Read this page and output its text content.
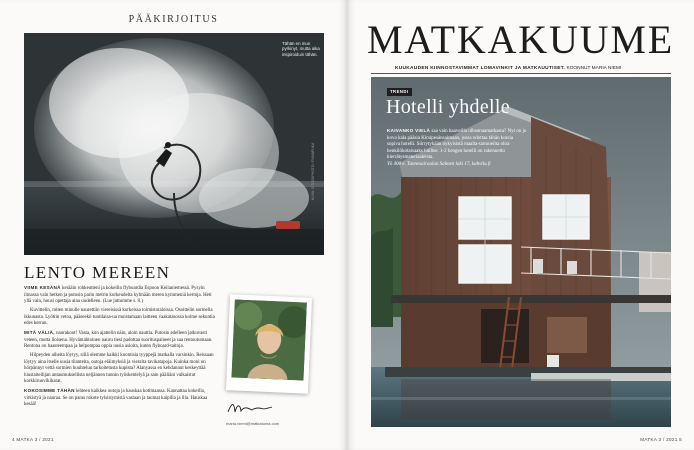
PÄÄKIRJOITUS
Tähän en mun pyrkinyt, mutta aika inspiroiduin tähän.
KUVA: ISTOCKPHOTO / PUMAPUKA
LENTO MEREEN

VIIME KESÄNÄ kerääin rohkeutteni ja kokeilin flyboardia Espoon Keilaniemessä. Pysyin ilmassa vain hetken ja putosin parin metrin korkeudelta kylmään meren kymmeniä kertoja. Heti yllä vain, huusi opettaja aina uudelleen. (Lue juttumme s. 8.)

Kuvittelin, miten minulle naurettiin viereisissä korkeissa toimistotaloissa. Osoittelin sormella ikkunasta. Lyötiin vetoa, pääseekö tuntilaisa-ua muistamaan laitteen vaakatasossa kolme sekuntia edes kerran.

MITÄ VÄLIÄ, naurakoot! Vasta, kun ajattelin näin, aloin nauttia. Putosin edelleen jatkuvasti veteen, mutta iloisena. Hyväntahtoinen nauru tiesi padottaa suorituspaineet ja saa rentoutumaan. Rentona on haasteempaa ja helpompaa oppia uusia asioita, kuten flyboard-taitoja.

Hilpeyden aiheita löytyy, sillä olemme kaikki koomisia tyyppejä matkalla varsinkin. Reissaan löytyy aina itselle uusia tilanteita, outoja eläimyksiä ja vieraita tavikatapoja. Kuinka moni on hörpännyt vettä sormien huuhtelun tarkoitetusta kupista? Alanyassa en kehdannut keskeyttää hiustaiteilijan antaumuksellista neljännen tunnin työskentelyä ja sain pääliäni valkaistut korkkiruuvikiharat.

KOKOSIMME TÄHÄN lehteen kaikkea outoja ja hauskaa kotimaassa. Kannattaa kokeilla, virkistyä ja nauraa. Se on paras rokote tylsistymistä vastaan ja taumat kaipilla ja illa. Hauskaa kesää!

maria.niemi@matkatuma.com
4 MATKA 3 / 2021
MATKAKUUME
KUUKAUDEN KIINNOSTAVIMMAT LOMAVINKIT JA MATKAUUTISET. KOONNUT MARIA NIEMI
TRENDI
Hotelli yhdelle
KAIVANKO VIELÄ saa vain haaveilla ullosmaamatkasta? Nyt on jo kova kala pääsia Kirsipesänsaimaan, jossa odottaa tähän korsia sopiva hotelli. Siirrytykään nykyisistä maalta-tartoneilta ohra henkilökotaisaaks huiltse. 1-2 hengen hotelli on rakennettu kierrätysmateriaaleista.
Yö 400 e. Tunnesairaalan Salmen laki 17, kahvila.fi
MATKA 3 / 2021 5
